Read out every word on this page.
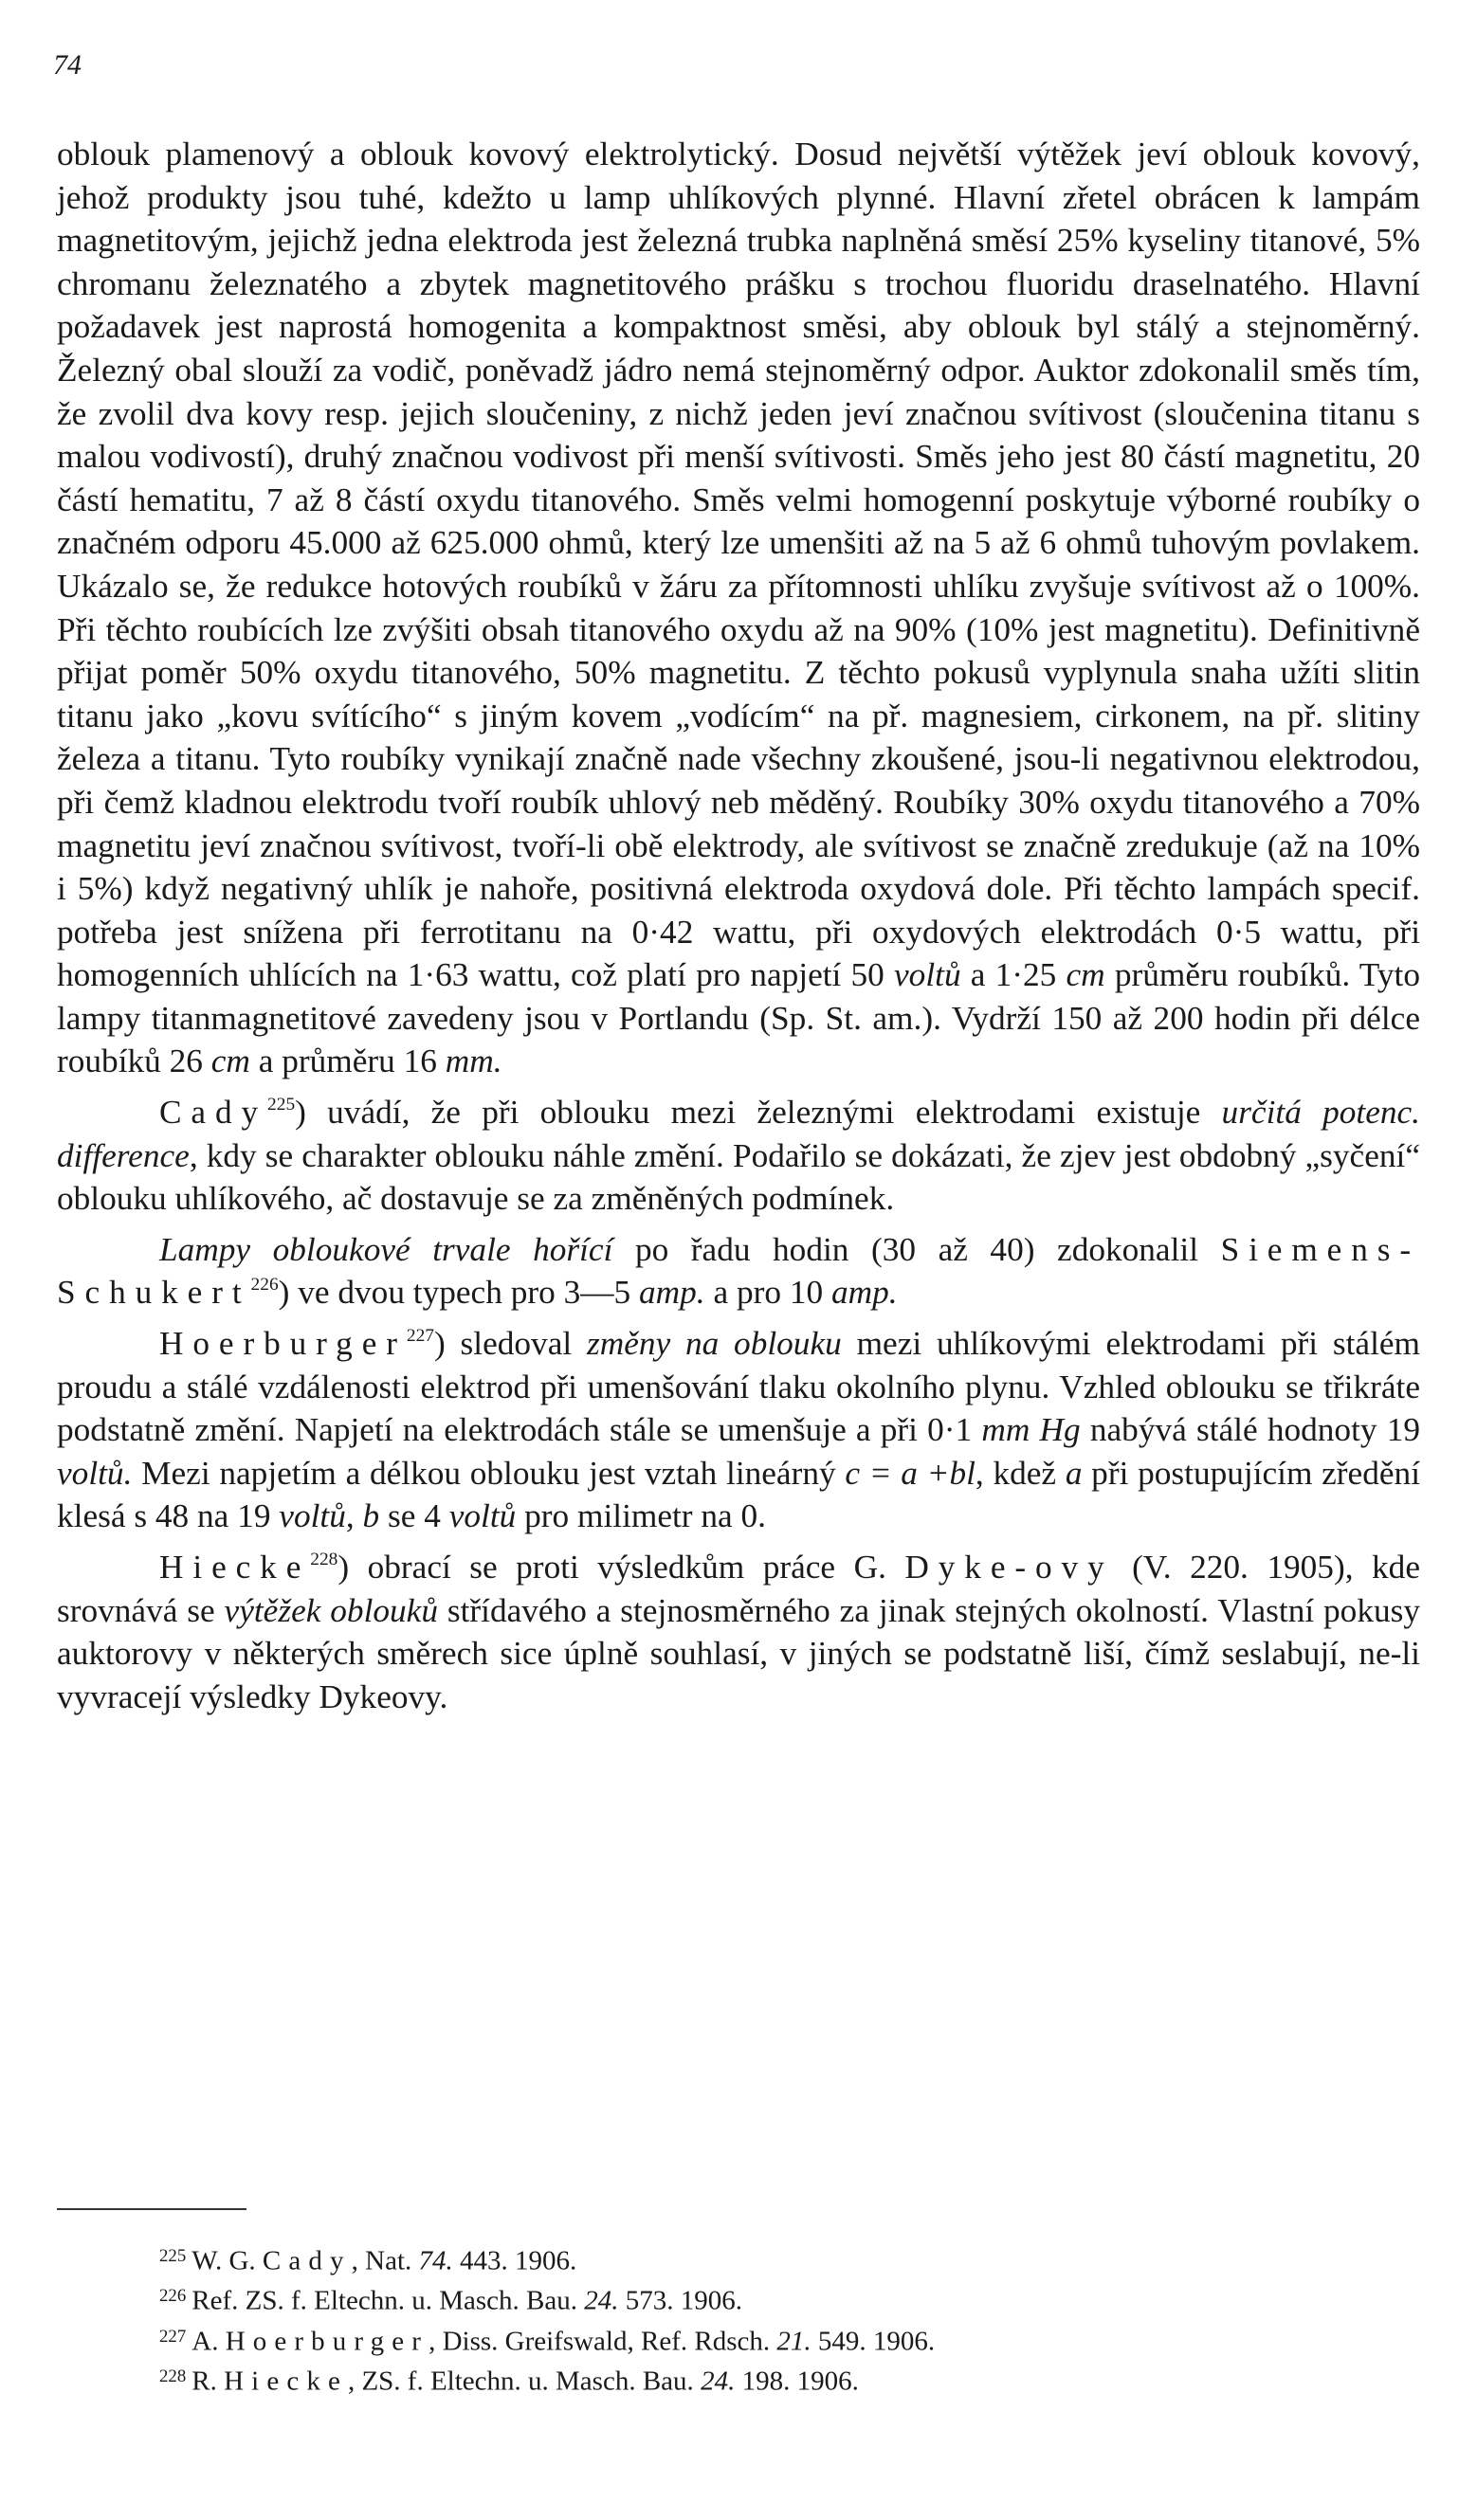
74

oblouk plamenový a oblouk kovový elektrolytický. Dosud největší výtěžek jeví oblouk kovový, jehož produkty jsou tuhé, kdežto u lamp uhlíkových plynné. Hlavní zřetel obrácen k lampám magnetitovým, jejichž jedna elektroda jest železná trubka naplněná směsí 25% kyseliny titanové, 5% chromanu železnatého a zbytek magnetitového prášku s trochou fluoridu draselnatého. Hlavní požadavek jest naprostá homogenita a kompaktnost směsi, aby oblouk byl stálý a stejnoměrný. Železný obal slouží za vodič, poněvadž jádro nemá stejnoměrný odpor. Auktor zdokonalil směs tím, že zvolil dva kovy resp. jejich sloučeniny, z nichž jeden jeví značnou svítivost (sloučenina titanu s malou vodivostí), druhý značnou vodivost při menší svítivosti. Směs jeho jest 80 částí magnetitu, 20 částí hematitu, 7 až 8 částí oxydu titanového. Směs velmi homogenní poskytuje výborné roubíky o značném odporu 45.000 až 625.000 ohmů, který lze umenšiti až na 5 až 6 ohmů tuhovým povlakem. Ukázalo se, že redukce hotových roubíků v žáru za přítomnosti uhlíku zvyšuje svítivost až o 100%. Při těchto roubících lze zvýšiti obsah titanového oxydu až na 90% (10% jest magnetitu). Definitivně přijat poměr 50% oxydu titanového, 50% magnetitu. Z těchto pokusů vyplynula snaha užíti slitin titanu jako „kovu svítícího“ s jiným kovem „vodícím“ na př. magnesiem, cirkonem, na př. slitiny železa a titanu. Tyto roubíky vynikají značně nade všechny zkoušené, jsou-li negativnou elektrodou, při čemž kladnou elektrodu tvoří roubík uhlový neb měděný. Roubíky 30% oxydu titanového a 70% magnetitu jeví značnou svítivost, tvoří-li obě elektrody, ale svítivost se značně zredukuje (až na 10% i 5%) když negativný uhlík je nahoře, positivná elektroda oxydová dole. Při těchto lampách specif. potřeba jest snížena při ferrotitanu na 0·42 wattu, při oxydových elektrodách 0·5 wattu, při homogenních uhlících na 1·63 wattu, což platí pro napjetí 50 voltů a 1·25 cm průměru roubíků. Tyto lampy titanmagnetitové zavedeny jsou v Portlandu (Sp. St. am.). Vydrží 150 až 200 hodin při délce roubíků 26 cm a průměru 16 mm.

Cady$^{225}$) uvádí, že při oblouku mezi železnými elektrodami existuje určitá potenc. difference, kdy se charakter oblouku náhle změní. Podařilo se dokázati, že zjev jest obdobný „syčení“ oblouku uhlíkového, ač dostavuje se za změněných podmínek.

Lampy obloukové trvale hořící po řadu hodin (30 až 40) zdokonalil Siemens-Schukert$^{226}$) ve dvou typech pro 3—5 amp. a pro 10 amp.

Hoerburger$^{227}$) sledoval změny na oblouku mezi uhlíkovými elektrodami při stálém proudu a stálé vzdálenosti elektrod při umenšování tlaku okolního plynu. Vzhled oblouku se třikráte podstatně změní. Napjetí na elektrodách stále se umenšuje a při 0·1 mm Hg nabývá stálé hodnoty 19 voltů. Mezi napjetím a délkou oblouku jest vztah lineárný c = a +bl, kdež a při postupujícím zředění klesá s 48 na 19 voltů, b se 4 voltů pro milimetr na 0.

Hiecke$^{228}$) obrací se proti výsledkům práce G. Dyke-ovy (V. 220. 1905), kde srovnává se výtěžek oblouků střídavého a stejnosměrného za jinak stejných okolností. Vlastní pokusy auktorovy v některých směrech sice úplně souhlasí, v jiných se podstatně liší, čímž seslabují, ne-li vyvracejí výsledky Dykeovy.

$^{225}$ W. G. Cady, Nat. 74. 443. 1906.

$^{226}$ Ref. ZS. f. Eltechn. u. Masch. Bau. 24. 573. 1906.

$^{227}$ A. Hoerburger, Diss. Greifswald, Ref. Rdsch. 21. 549. 1906.

$^{228}$ R. Hiecke, ZS. f. Eltechn. u. Masch. Bau. 24. 198. 1906.
